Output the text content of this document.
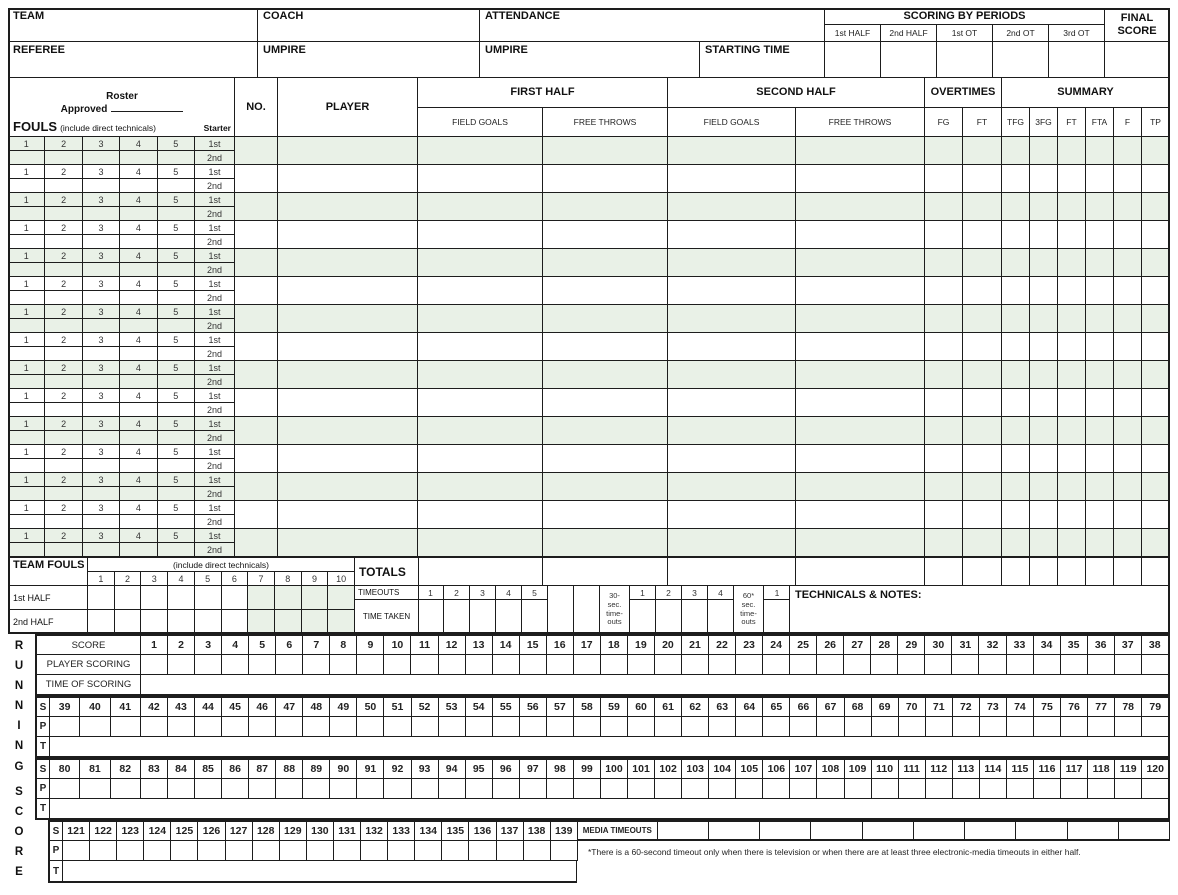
TEAM	COACH	ATTENDANCE	SCORING BY PERIODS	FINAL SCORE
1st HALF	2nd HALF	1st OT	2nd OT	3rd OT
REFEREE	UMPIRE	UMPIRE	STARTING TIME
Roster
Approved
FOULS (include direct technicals)	Starter
NO.	PLAYER
FIRST HALF	SECOND HALF	OVERTIMES	SUMMARY
FIELD GOALS	FREE THROWS	FIELD GOALS	FREE THROWS	FG	FT	TFG	3FG	FT	FTA	F	TP
1	2	3	4	5	1st
2nd
1	2	3	4	5	1st
2nd
1	2	3	4	5	1st
2nd
1	2	3	4	5	1st
2nd
1	2	3	4	5	1st
2nd
1	2	3	4	5	1st
2nd
1	2	3	4	5	1st
2nd
1	2	3	4	5	1st
2nd
1	2	3	4	5	1st
2nd
1	2	3	4	5	1st
2nd
1	2	3	4	5	1st
2nd
1	2	3	4	5	1st
2nd
1	2	3	4	5	1st
2nd
1	2	3	4	5	1st
2nd
1	2	3	4	5	1st
2nd
TEAM FOULS	(include direct technicals)
1	2	3	4	5	6	7	8	9	10
1st HALF
2nd HALF
TOTALS
TIMEOUTS
TIME TAKEN
1	2	3	4	5	30-
sec.
time-
outs
1	2	3	4	60*
sec.
time-
outs
1	TECHNICALS & NOTES:
R
U
N
N
I
N
G
S
C
O
R
E
SCORE	1	2	3	4	5	6	7	8	9	10	11	12	13	14	15	16	17	18	19	20	21	22	23	24	25	26	27	28	29	30	31	32	33	34	35	36	37	38
PLAYER SCORING
TIME OF SCORING
S	39	40	41	42	43	44	45	46	47	48	49	50	51	52	53	54	55	56	57	58	59	60	61	62	63	64	65	66	67	68	69	70	71	72	73	74	75	76	77	78	79
P
T
S	80	81	82	83	84	85	86	87	88	89	90	91	92	93	94	95	96	97	98	99	100 101 102 103 104 105 106 107 108 109 110 111 112 113 114 115 116 117 118 119 120
P
T
S 121 122 123 124 125 126 127 128 129 130 131 132 133 134 135 136 137 138 139	MEDIA TIMEOUTS
P
T
*There is a 60-second timeout only when there is television or when there are at least three electronic-media timeouts in either half.
